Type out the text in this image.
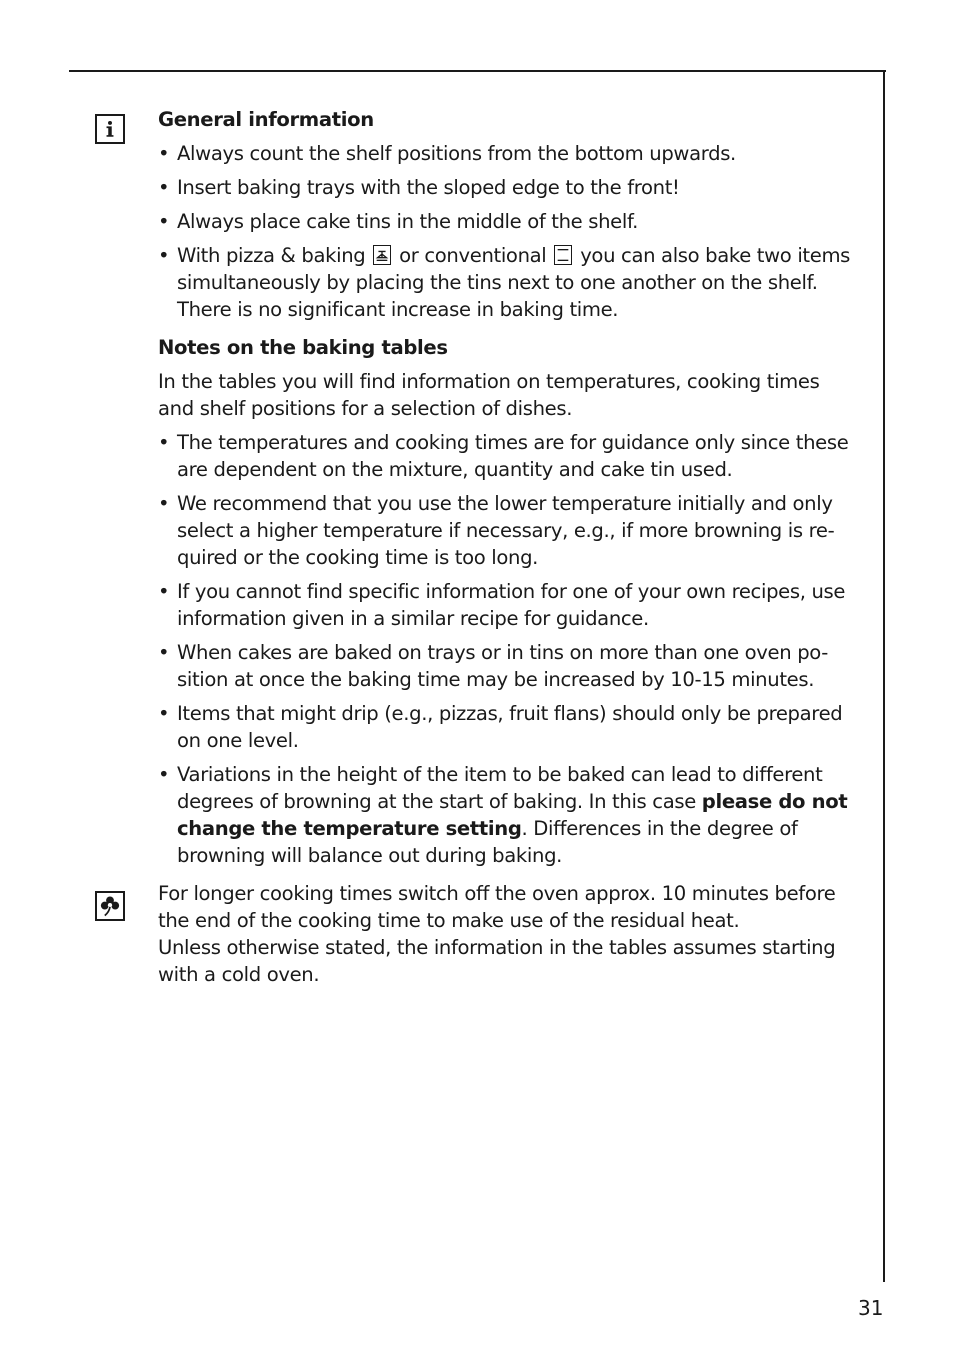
General information

• Always count the shelf positions from the bottom upwards.

• Insert baking trays with the sloped edge to the front!

• Always place cake tins in the middle of the shelf.

• With pizza & baking or conventional you can also bake two items simultaneously by placing the tins next to one another on the shelf. There is no significant increase in baking time.

Notes on the baking tables

In the tables you will find information on temperatures, cooking times and shelf positions for a selection of dishes.

• The temperatures and cooking times are for guidance only since these are dependent on the mixture, quantity and cake tin used.

• We recommend that you use the lower temperature initially and only select a higher temperature if necessary, e.g., if more browning is re-quired or the cooking time is too long.

• If you cannot find specific information for one of your own recipes, use information given in a similar recipe for guidance.

• When cakes are baked on trays or in tins on more than one oven po-sition at once the baking time may be increased by 10-15 minutes.

• Items that might drip (e.g., pizzas, fruit flans) should only be prepared on one level.

• Variations in the height of the item to be baked can lead to different degrees of browning at the start of baking. In this case please do not change the temperature setting. Differences in the degree of browning will balance out during baking.

For longer cooking times switch off the oven approx. 10 minutes before the end of the cooking time to make use of the residual heat.

Unless otherwise stated, the information in the tables assumes starting with a cold oven.

31
